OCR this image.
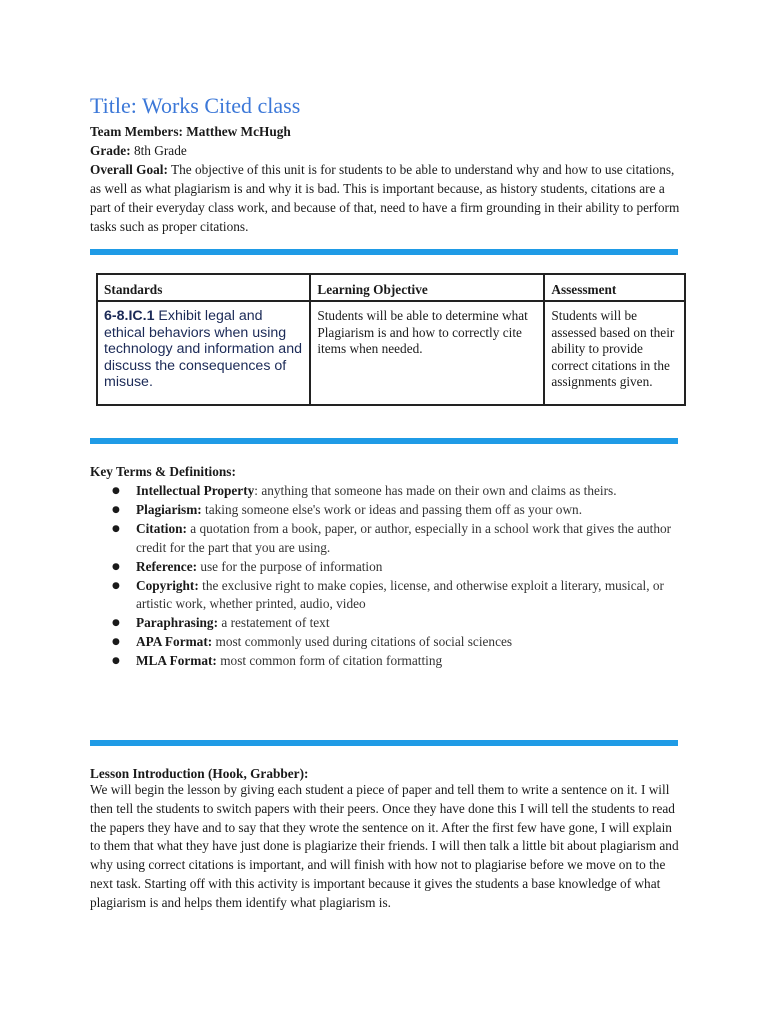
Title: Works Cited class

Team Members: Matthew McHugh

Grade: 8th Grade

Overall Goal: The objective of this unit is for students to be able to understand why and how to use citations, as well as what plagiarism is and why it is bad. This is important because, as history students, citations are a part of their everyday class work, and because of that, need to have a firm grounding in their ability to perform tasks such as proper citations.

Standards	Learning Objective	Assessment
6-8.IC.1 Exhibit legal and ethical behaviors when using technology and information and discuss the consequences of misuse.	Students will be able to determine what Plagiarism is and how to correctly cite items when needed.	Students will be assessed based on their ability to provide correct citations in the assignments given.
Key Terms & Definitions:
● Intellectual Property: anything that someone has made on their own and claims as theirs.
● Plagiarism: taking someone else's work or ideas and passing them off as your own.
● Citation: a quotation from a book, paper, or author, especially in a school work that gives the author credit for the part that you are using.
● Reference: use for the purpose of information
● Copyright: the exclusive right to make copies, license, and otherwise exploit a literary, musical, or artistic work, whether printed, audio, video
● Paraphrasing: a restatement of text
● APA Format: most commonly used during citations of social sciences
● MLA Format: most common form of citation formatting
Lesson Introduction (Hook, Grabber):

We will begin the lesson by giving each student a piece of paper and tell them to write a sentence on it. I will then tell the students to switch papers with their peers. Once they have done this I will tell the students to read the papers they have and to say that they wrote the sentence on it. After the first few have gone, I will explain to them that what they have just done is plagiarize their friends. I will then talk a little bit about plagiarism and why using correct citations is important, and will finish with how not to plagiarise before we move on to the next task. Starting off with this activity is important because it gives the students a base knowledge of what plagiarism is and helps them identify what plagiarism is.
